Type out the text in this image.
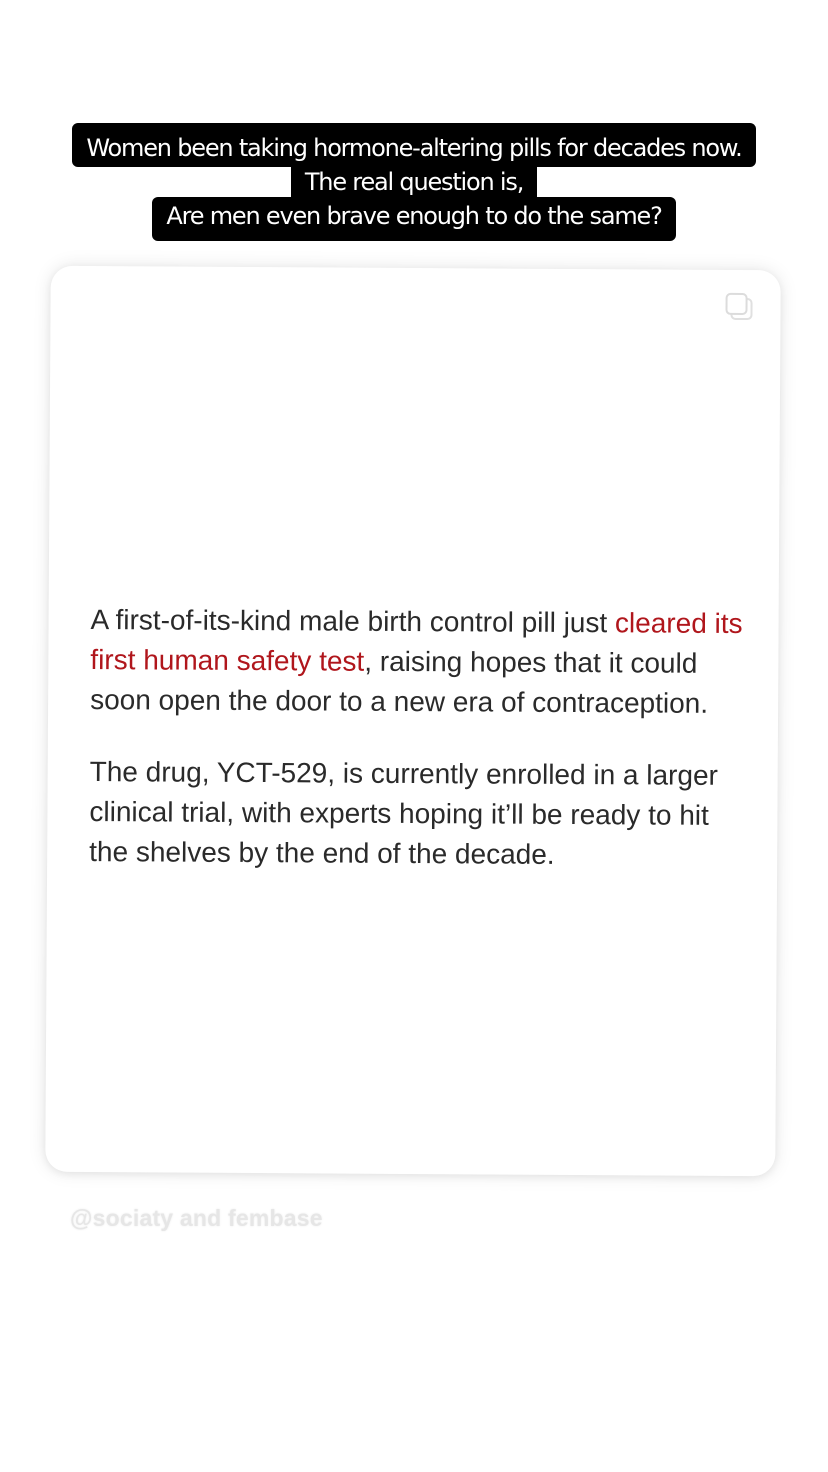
Women been taking hormone-altering pills for decades now.
The real question is,
Are men even brave enough to do the same?

A first-of-its-kind male birth control pill just cleared its first human safety test, raising hopes that it could soon open the door to a new era of contraception.

The drug, YCT-529, is currently enrolled in a larger clinical trial, with experts hoping it’ll be ready to hit the shelves by the end of the decade.

@sociaty and fembase
